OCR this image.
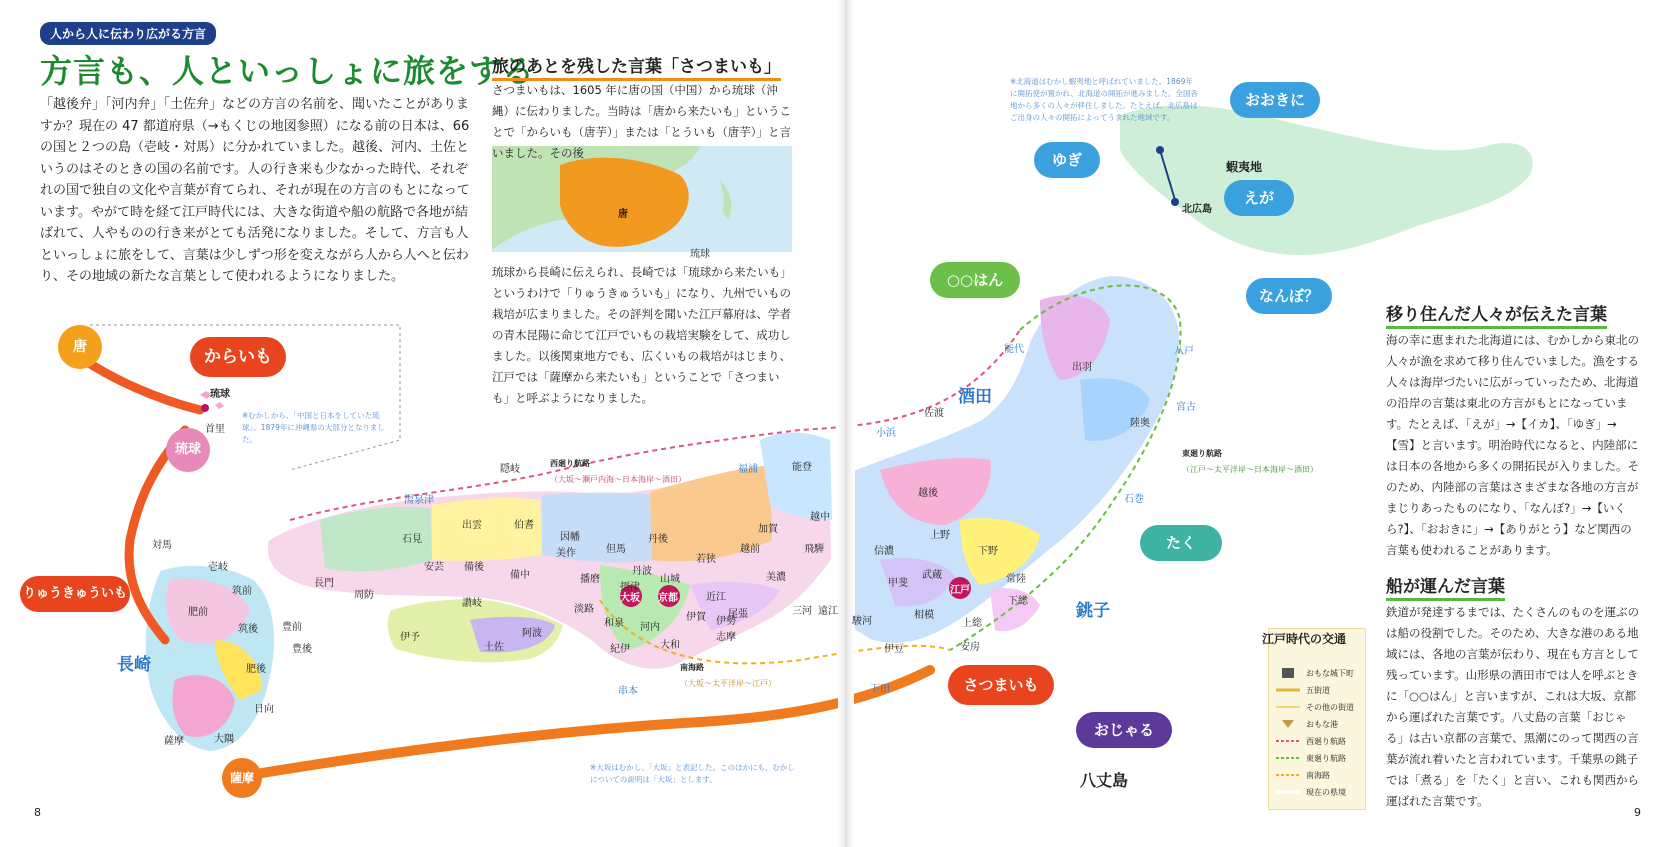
人から人に伝わり広がる方言
方言も、人といっしょに旅をする

「越後弁」「河内弁」「土佐弁」などの方言の名前を、聞いたことがありますか？現在の 47 都道府県（→もくじの地図参照）になる前の日本は、66 の国と２つの島（壱岐・対馬）に分かれていました。越後、河内、土佐というのはそのときの国の名前です。人の行き来も少なかった時代、それぞれの国で独自の文化や言葉が育てられ、それが現在の方言のもとになっています。やがて時を経て江戸時代には、大きな街道や船の航路で各地が結ばれて、人やものの行き来がとても活発になりました。そして、方言も人といっしょに旅をして、言葉は少しずつ形を変えながら人から人へと伝わり、その地域の新たな言葉として使われるようになりました。

旅のあとを残した言葉「さつまいも」

さつまいもは、1605 年に唐の国（中国）から琉球（沖縄）に伝わりました。当時は「唐から来たいも」ということで「からいも（唐芋）」または「とういも（唐芋）」と言いました。その後

琉球から長崎に伝えられ、長崎では「琉球から来たいも」というわけで「りゅうきゅういも」になり、九州でいもの栽培が広まりました。その評判を聞いた江戸幕府は、学者の青木昆陽に命じて江戸でいもの栽培実験をして、成功しました。以後関東地方でも、広くいもの栽培がはじまり、江戸では「薩摩から来たいも」ということで「さつまいも」と呼ぶようになりました。

唐
琉球
唐
琉球
薩摩
からいも
りゅうきゅういも
さつまいも
○○はん
たく
おじゃる
ゆぎ
えが
おおきに
なんぼ？
長崎
酒田
銚子
八丈島
江戸
大坂 京都
蝦夷地
北広島
琉球
首里
対馬
壱岐
筑前
肥前
筑後 豊前
豊後
肥後
日向
薩摩	大隅
長門
周防
石見
安芸
出雲	伯耆
備後
備中
美作
因幡
隠岐
但馬
播磨
丹波
丹後
若狭
越前
加賀
能登
越中
飛騨
美濃
尾張	三河 遠江
駿河
伊豆
甲斐
信濃
越後
佐渡
上野
下野
常陸
武蔵
相模
上総
下総
安房
出羽
陸奥
伊予
讃岐
阿波
土佐
淡路
紀伊
和泉 河内
摂津
大和
伊賀 伊勢
志摩
近江
山城
小浜
能代	八戸
宮古
石巻
湯泉津
下田
串本
福浦
西廻り航路
（大坂〜瀬戸内海〜日本海岸〜酒田）
東廻り航路
（江戸〜太平洋岸〜日本海岸〜酒田）
南海路
（大坂〜太平洋岸〜江戸）
※むかしから、「中国と日本をしていた琉球」。1879年に沖縄県の大部分となりました。
※大坂はむかし、「大坂」と表記した。このほかにも、むかしについての説明は「大坂」とします。
※北海道はむかし蝦夷地と呼ばれていました。1869年に開拓使が置かれ、北海道の開拓が進みました。全国各地から多くの人々が移住しました。たとえば、北広島はご出身の人々の開拓によってうまれた地域です。
移り住んだ人々が伝えた言葉

海の幸に恵まれた北海道には、むかしから東北の人々が漁を求めて移り住んでいました。漁をする人々は海岸づたいに広がっていったため、北海道の沿岸の言葉は東北の方言がもとになっています。たとえば、「えが」→【イカ】、「ゆぎ」→【雪】と言います。明治時代になると、内陸部には日本の各地から多くの開拓民が入りました。そのため、内陸部の言葉はさまざまな各地の方言がまじりあったものになり、「なんぼ?」→【いくら?】、「おおきに」→【ありがとう】など関西の言葉も使われることがあります。

船が運んだ言葉

鉄道が発達するまでは、たくさんのものを運ぶのは船の役割でした。そのため、大きな港のある地域には、各地の言葉が伝わり、現在も方言として残っています。山形県の酒田市では人を呼ぶときに「○○はん」と言いますが、これは大坂、京都から運ばれた言葉です。八丈島の言葉「おじゃる」は古い京都の言葉で、黒潮にのって関西の言葉が流れ着いたと言われています。千葉県の銚子では「煮る」を「たく」と言い、これも関西から運ばれた言葉です。

江戸時代の交通
おもな城下町
五街道
その他の街道
おもな港
西廻り航路
東廻り航路
南海路
現在の県境
8	9
